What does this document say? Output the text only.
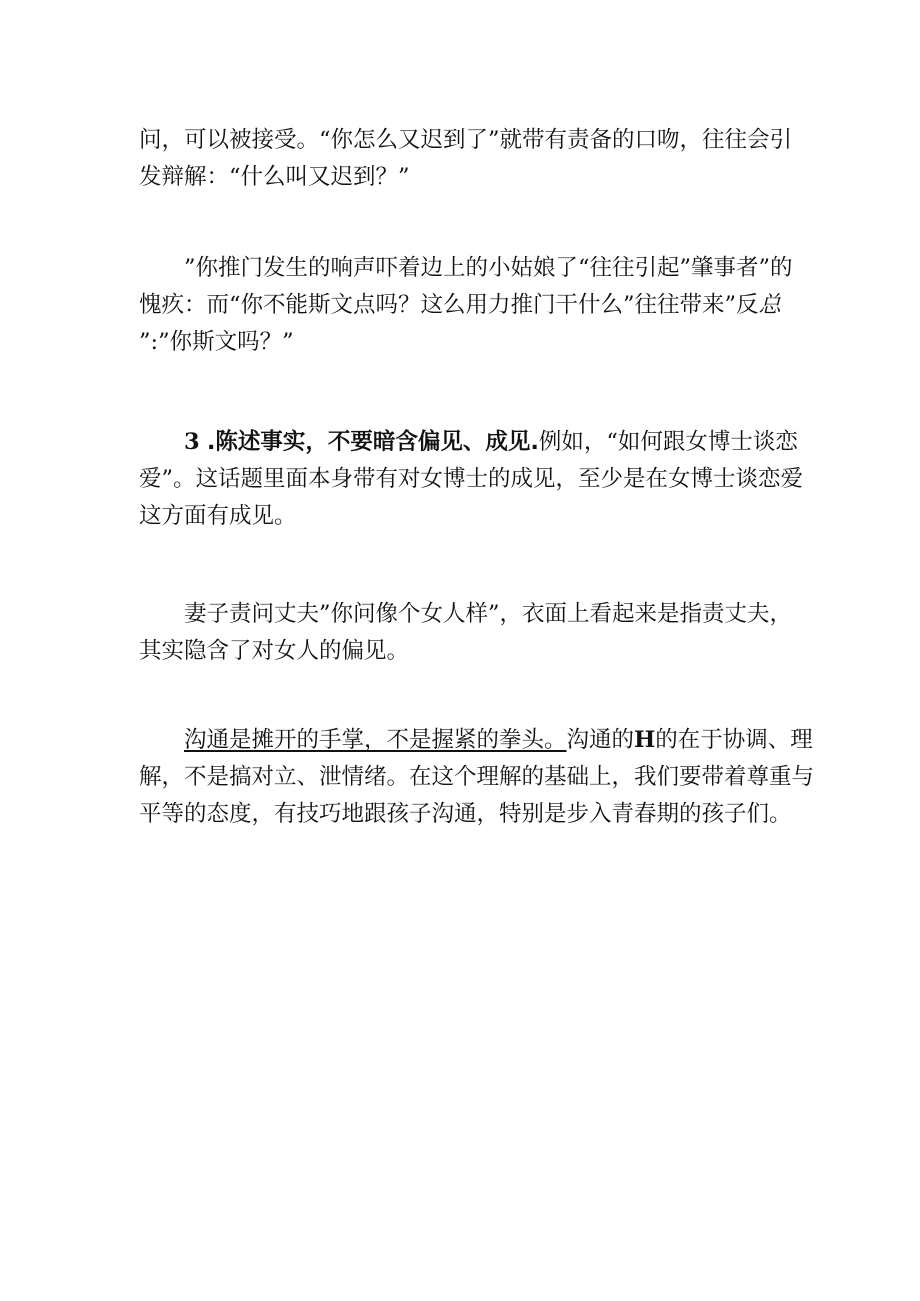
问，可以被接受。“你怎么又迟到了”就带有责备的口吻，往往会引
发辩解：“什么叫又迟到？”

”你推门发生的响声吓着边上的小姑娘了“往往引起”肇事者”的
愧疚：而“你不能斯文点吗？这么用力推门干什么”往往带来”反总
”:”你斯文吗？”

3 .陈述事实，不要暗含偏见、成见.例如，“如何跟女博士谈恋
爱”。这话题里面本身带有对女博士的成见，至少是在女博士谈恋爱
这方面有成见。

妻子责问丈夫”你问像个女人样”，衣面上看起来是指责丈夫，
其实隐含了对女人的偏见。

沟通是摊开的手掌，不是握紧的拳头。沟通的H的在于协调、理
解，不是搞对立、泄情绪。在这个理解的基础上，我们要带着尊重与
平等的态度，有技巧地跟孩子沟通，特别是步入青春期的孩子们。
